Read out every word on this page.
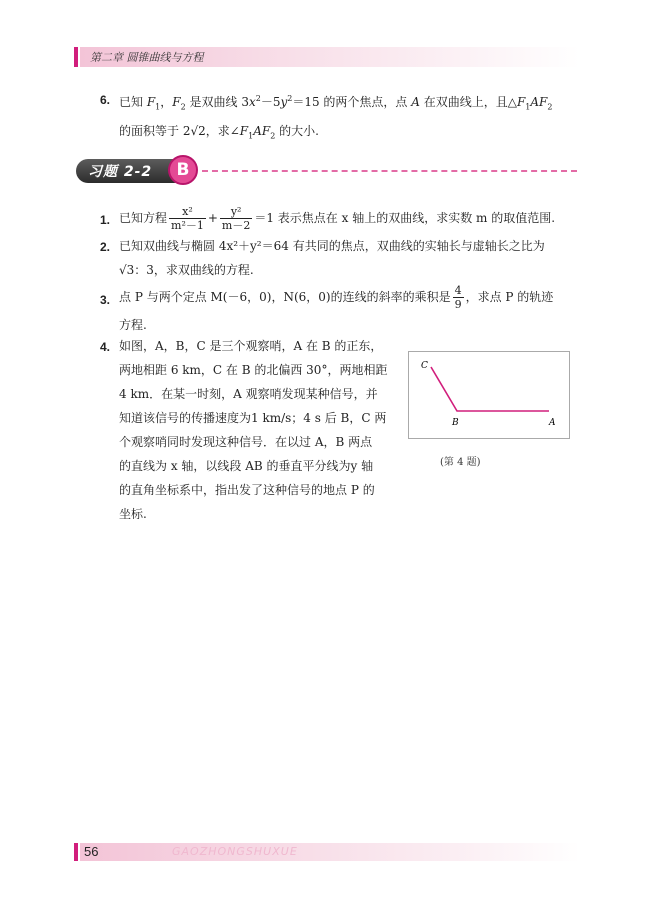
第二章 圆锥曲线与方程
6. 已知 $F_1$，$F_2$ 是双曲线 $3x^2-5y^2=15$ 的两个焦点，点 A 在双曲线上，且$\triangle F_1AF_2$
的面积等于 2√2，求$\angle F_1AF_2$ 的大小.
习题 2-2	B
1. 已知方程 $\frac{\text{x²}}{\text{m²－1}} + \frac{\text{y²}}{m-2} =1$ 表示焦点在 x 轴上的双曲线，求实数 m 的取值范围.
2. 已知双曲线与椭圆 4x²＋y²＝64 有共同的焦点，双曲线的实轴长与虚轴长之比为
√3：3，求双曲线的方程.
3. 点 P 与两个定点 M(－6，0)，N(6，0)的连线的斜率的乘积是 $\frac{4}{9}$ ，求点 P 的轨迹
方程.
4. 如图，A，B，C 是三个观察哨，A 在 B 的正东，
两地相距 6 km，C 在 B 的北偏西 30°，两地相距
4 km．在某一时刻，A 观察哨发现某种信号，并
知道该信号的传播速度为1 km/s；4 s 后 B，C 两
个观察哨同时发现这种信号．在以过 A，B 两点
的直线为 x 轴，以线段 AB 的垂直平分线为y 轴
的直角坐标系中，指出发了这种信号的地点 P 的
坐标.
C
B	A
(第 4 题)
56	GAOZHONGSHUXUE
